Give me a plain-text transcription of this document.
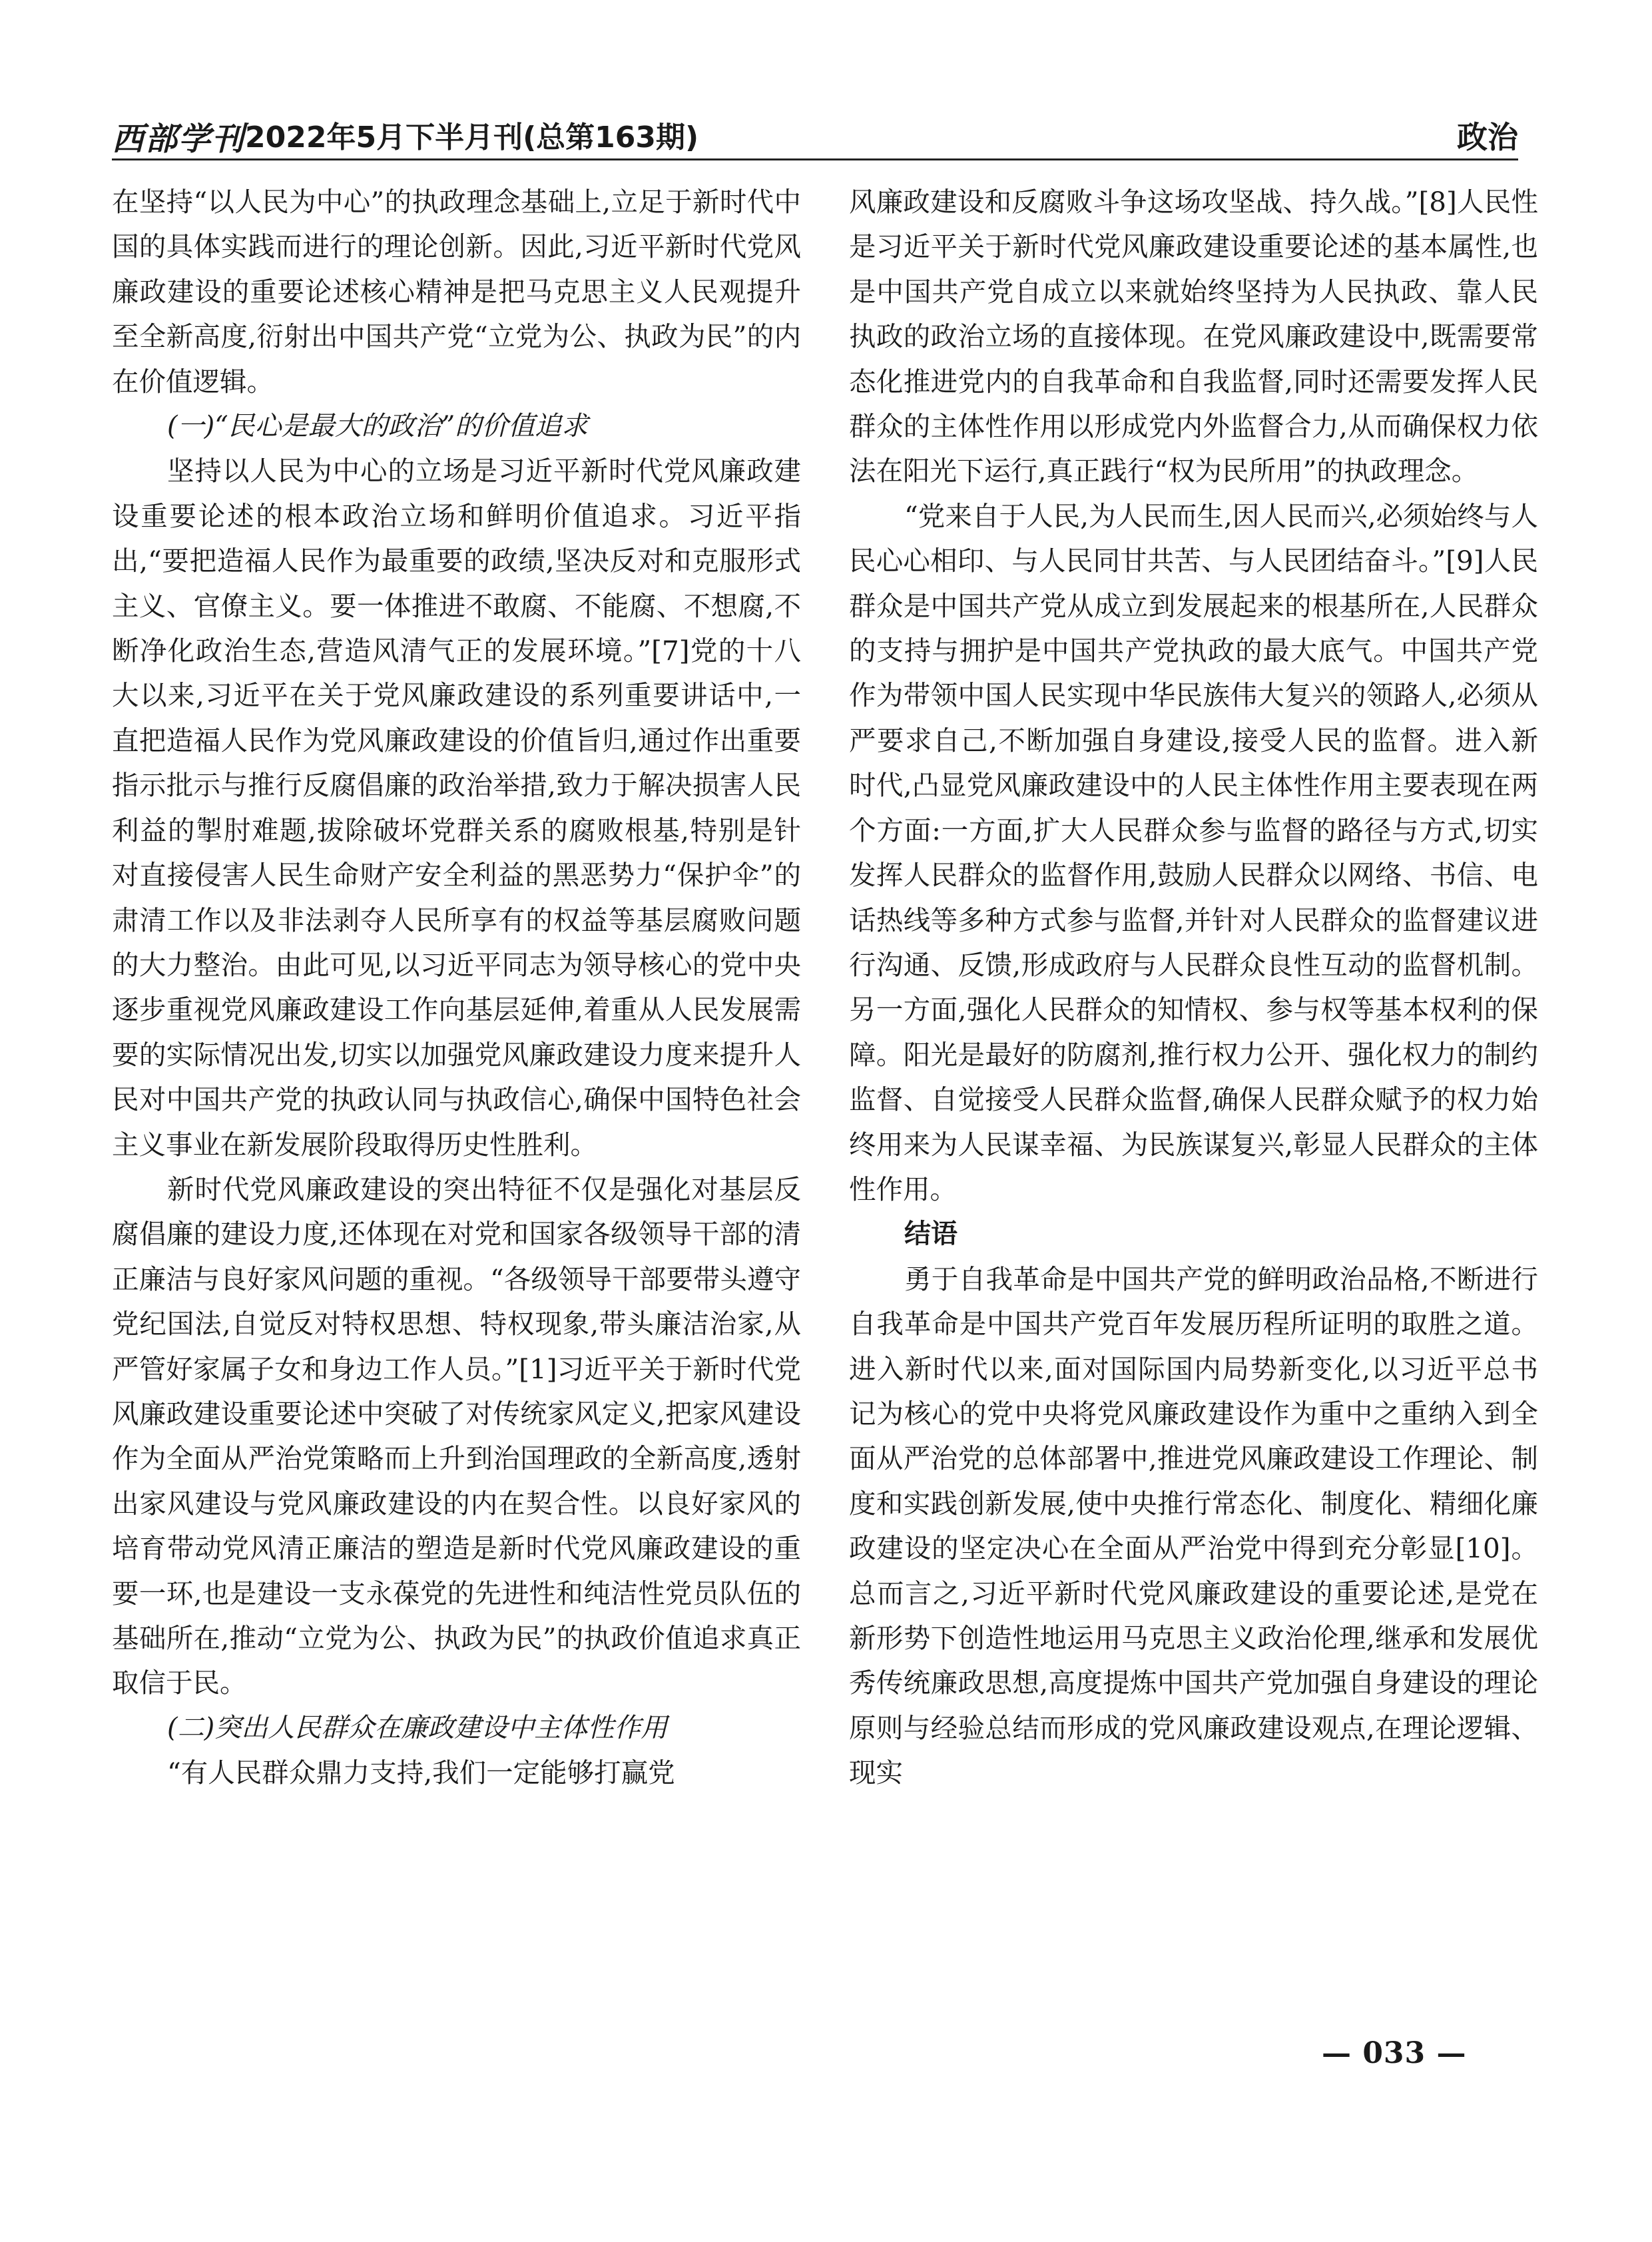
西部学刊 2022年5月下半月刊(总第163期)	政治

在坚持“以人民为中心”的执政理念基础上,立足于新时代中国的具体实践而进行的理论创新。因此,习近平新时代党风廉政建设的重要论述核心精神是把马克思主义人民观提升至全新高度,衍射出中国共产党“立党为公、执政为民”的内在价值逻辑。

(一)“民心是最大的政治”的价值追求

坚持以人民为中心的立场是习近平新时代党风廉政建设重要论述的根本政治立场和鲜明价值追求。习近平指出,“要把造福人民作为最重要的政绩,坚决反对和克服形式主义、官僚主义。要一体推进不敢腐、不能腐、不想腐,不断净化政治生态,营造风清气正的发展环境。”[7]党的十八大以来,习近平在关于党风廉政建设的系列重要讲话中,一直把造福人民作为党风廉政建设的价值旨归,通过作出重要指示批示与推行反腐倡廉的政治举措,致力于解决损害人民利益的掣肘难题,拔除破坏党群关系的腐败根基,特别是针对直接侵害人民生命财产安全利益的黑恶势力“保护伞”的肃清工作以及非法剥夺人民所享有的权益等基层腐败问题的大力整治。由此可见,以习近平同志为领导核心的党中央逐步重视党风廉政建设工作向基层延伸,着重从人民发展需要的实际情况出发,切实以加强党风廉政建设力度来提升人民对中国共产党的执政认同与执政信心,确保中国特色社会主义事业在新发展阶段取得历史性胜利。

新时代党风廉政建设的突出特征不仅是强化对基层反腐倡廉的建设力度,还体现在对党和国家各级领导干部的清正廉洁与良好家风问题的重视。“各级领导干部要带头遵守党纪国法,自觉反对特权思想、特权现象,带头廉洁治家,从严管好家属子女和身边工作人员。”[1]习近平关于新时代党风廉政建设重要论述中突破了对传统家风定义,把家风建设作为全面从严治党策略而上升到治国理政的全新高度,透射出家风建设与党风廉政建设的内在契合性。以良好家风的培育带动党风清正廉洁的塑造是新时代党风廉政建设的重要一环,也是建设一支永葆党的先进性和纯洁性党员队伍的基础所在,推动“立党为公、执政为民”的执政价值追求真正取信于民。

(二)突出人民群众在廉政建设中主体性作用

“有人民群众鼎力支持,我们一定能够打赢党

风廉政建设和反腐败斗争这场攻坚战、持久战。”[8]人民性是习近平关于新时代党风廉政建设重要论述的基本属性,也是中国共产党自成立以来就始终坚持为人民执政、靠人民执政的政治立场的直接体现。在党风廉政建设中,既需要常态化推进党内的自我革命和自我监督,同时还需要发挥人民群众的主体性作用以形成党内外监督合力,从而确保权力依法在阳光下运行,真正践行“权为民所用”的执政理念。

“党来自于人民,为人民而生,因人民而兴,必须始终与人民心心相印、与人民同甘共苦、与人民团结奋斗。”[9]人民群众是中国共产党从成立到发展起来的根基所在,人民群众的支持与拥护是中国共产党执政的最大底气。中国共产党作为带领中国人民实现中华民族伟大复兴的领路人,必须从严要求自己,不断加强自身建设,接受人民的监督。进入新时代,凸显党风廉政建设中的人民主体性作用主要表现在两个方面:一方面,扩大人民群众参与监督的路径与方式,切实发挥人民群众的监督作用,鼓励人民群众以网络、书信、电话热线等多种方式参与监督,并针对人民群众的监督建议进行沟通、反馈,形成政府与人民群众良性互动的监督机制。另一方面,强化人民群众的知情权、参与权等基本权利的保障。阳光是最好的防腐剂,推行权力公开、强化权力的制约监督、自觉接受人民群众监督,确保人民群众赋予的权力始终用来为人民谋幸福、为民族谋复兴,彰显人民群众的主体性作用。

结语

勇于自我革命是中国共产党的鲜明政治品格,不断进行自我革命是中国共产党百年发展历程所证明的取胜之道。进入新时代以来,面对国际国内局势新变化,以习近平总书记为核心的党中央将党风廉政建设作为重中之重纳入到全面从严治党的总体部署中,推进党风廉政建设工作理论、制度和实践创新发展,使中央推行常态化、制度化、精细化廉政建设的坚定决心在全面从严治党中得到充分彰显[10]。总而言之,习近平新时代党风廉政建设的重要论述,是党在新形势下创造性地运用马克思主义政治伦理,继承和发展优秀传统廉政思想,高度提炼中国共产党加强自身建设的理论原则与经验总结而形成的党风廉政建设观点,在理论逻辑、现实

— 033 —
